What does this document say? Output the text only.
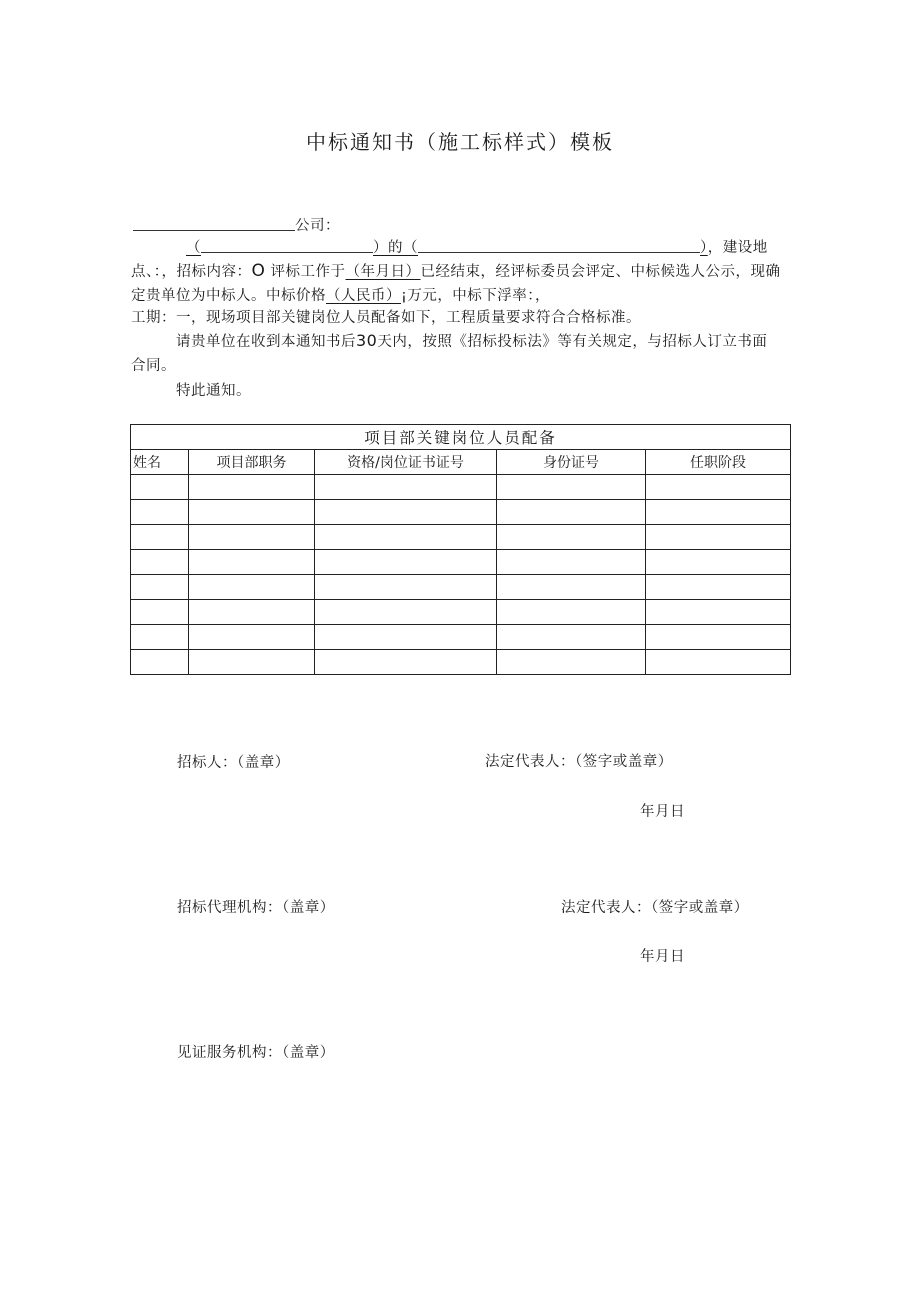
中标通知书（施工标样式）模板
公司：
（	）的（	），建设地
点、：，招标内容：O 评标工作于（年月日）已经结束，经评标委员会评定、中标候选人公示，现确
定贵单位为中标人。中标价格（人民币）¡万元，中标下浮率：，
工期：一，现场项目部关键岗位人员配备如下，工程质量要求符合合格标准。
请贵单位在收到本通知书后30天内，按照《招标投标法》等有关规定，与招标人订立书面
合同。
特此通知。
项目部关键岗位人员配备				
姓名	项目部职务	资格/岗位证书证号	身份证号	任职阶段

招标人：（盖章）	法定代表人：（签字或盖章）
年月日
招标代理机构：（盖章）	法定代表人：（签字或盖章）
年月日
见证服务机构：（盖章）
